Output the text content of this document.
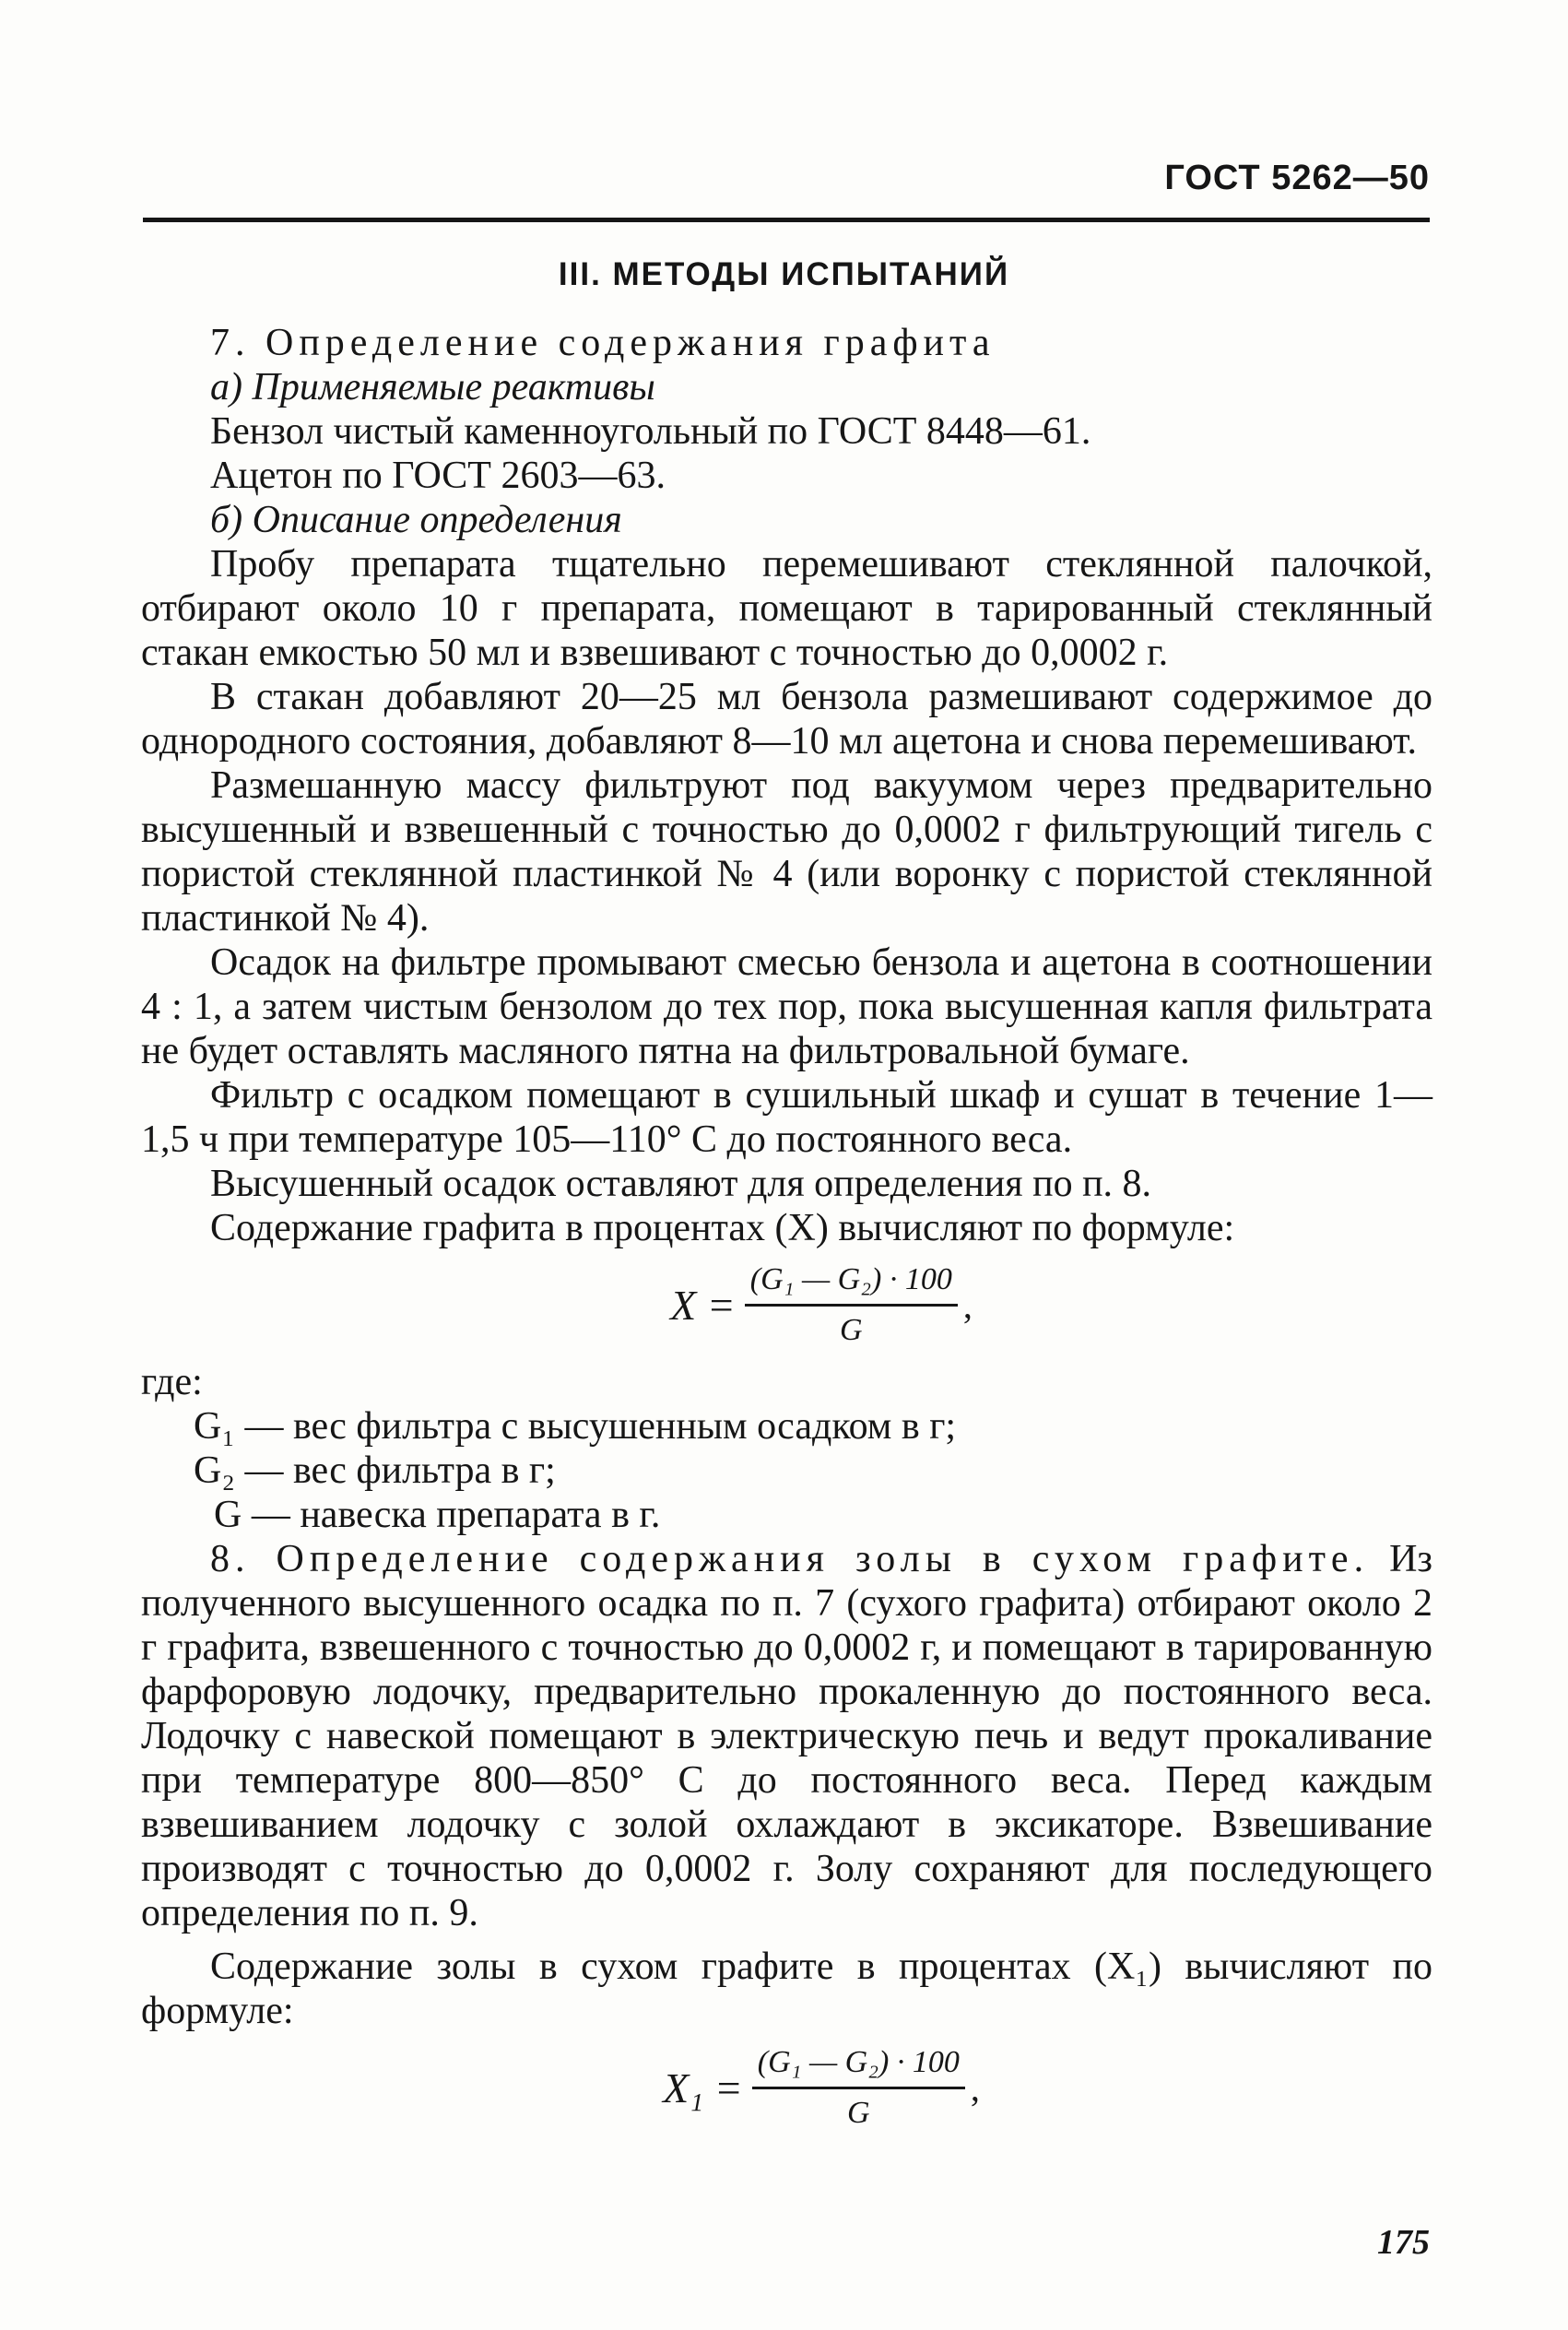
ГОСТ 5262—50
III. МЕТОДЫ ИСПЫТАНИЙ

7. Определение содержания графита

а) Применяемые реактивы

Бензол чистый каменноугольный по ГОСТ 8448—61.

Ацетон по ГОСТ 2603—63.

б) Описание определения

Пробу препарата тщательно перемешивают стеклянной палочкой, отбирают около 10 г препарата, помещают в тарированный стеклянный стакан емкостью 50 мл и взвешивают с точностью до 0,0002 г.

В стакан добавляют 20—25 мл бензола размешивают содержимое до однородного состояния, добавляют 8—10 мл ацетона и снова перемешивают.

Размешанную массу фильтруют под вакуумом через предварительно высушенный и взвешенный с точностью до 0,0002 г фильтрующий тигель с пористой стеклянной пластинкой № 4 (или воронку с пористой стеклянной пластинкой № 4).

Осадок на фильтре промывают смесью бензола и ацетона в соотношении 4 : 1, а затем чистым бензолом до тех пор, пока высушенная капля фильтрата не будет оставлять масляного пятна на фильтровальной бумаге.

Фильтр с осадком помещают в сушильный шкаф и сушат в течение 1—1,5 ч при температуре 105—110° С до постоянного веса.

Высушенный осадок оставляют для определения по п. 8.

Содержание графита в процентах (X) вычисляют по формуле:

$X = \frac{\text{(G₁ — G₂) · 100}}{G}$ ,

где:

G₁ — вес фильтра с высушенным осадком в г;

G₂ — вес фильтра в г;

G — навеска препарата в г.

8. Определение содержания золы в сухом графите. Из полученного высушенного осадка по п. 7 (сухого графита) отбирают около 2 г графита, взвешенного с точностью до 0,0002 г, и помещают в тарированную фарфоровую лодочку, предварительно прокаленную до постоянного веса. Лодочку с навеской помещают в электрическую печь и ведут прокаливание при температуре 800—850° С до постоянного веса. Перед каждым взвешиванием лодочку с золой охлаждают в эксикаторе. Взвешивание производят с точностью до 0,0002 г. Золу сохраняют для последующего определения по п. 9.

Содержание золы в сухом графите в процентах (X₁) вычисляют по формуле:

$X_1 = \frac{\text{(G₁ — G₂) · 100}}{G}$ ,
175
